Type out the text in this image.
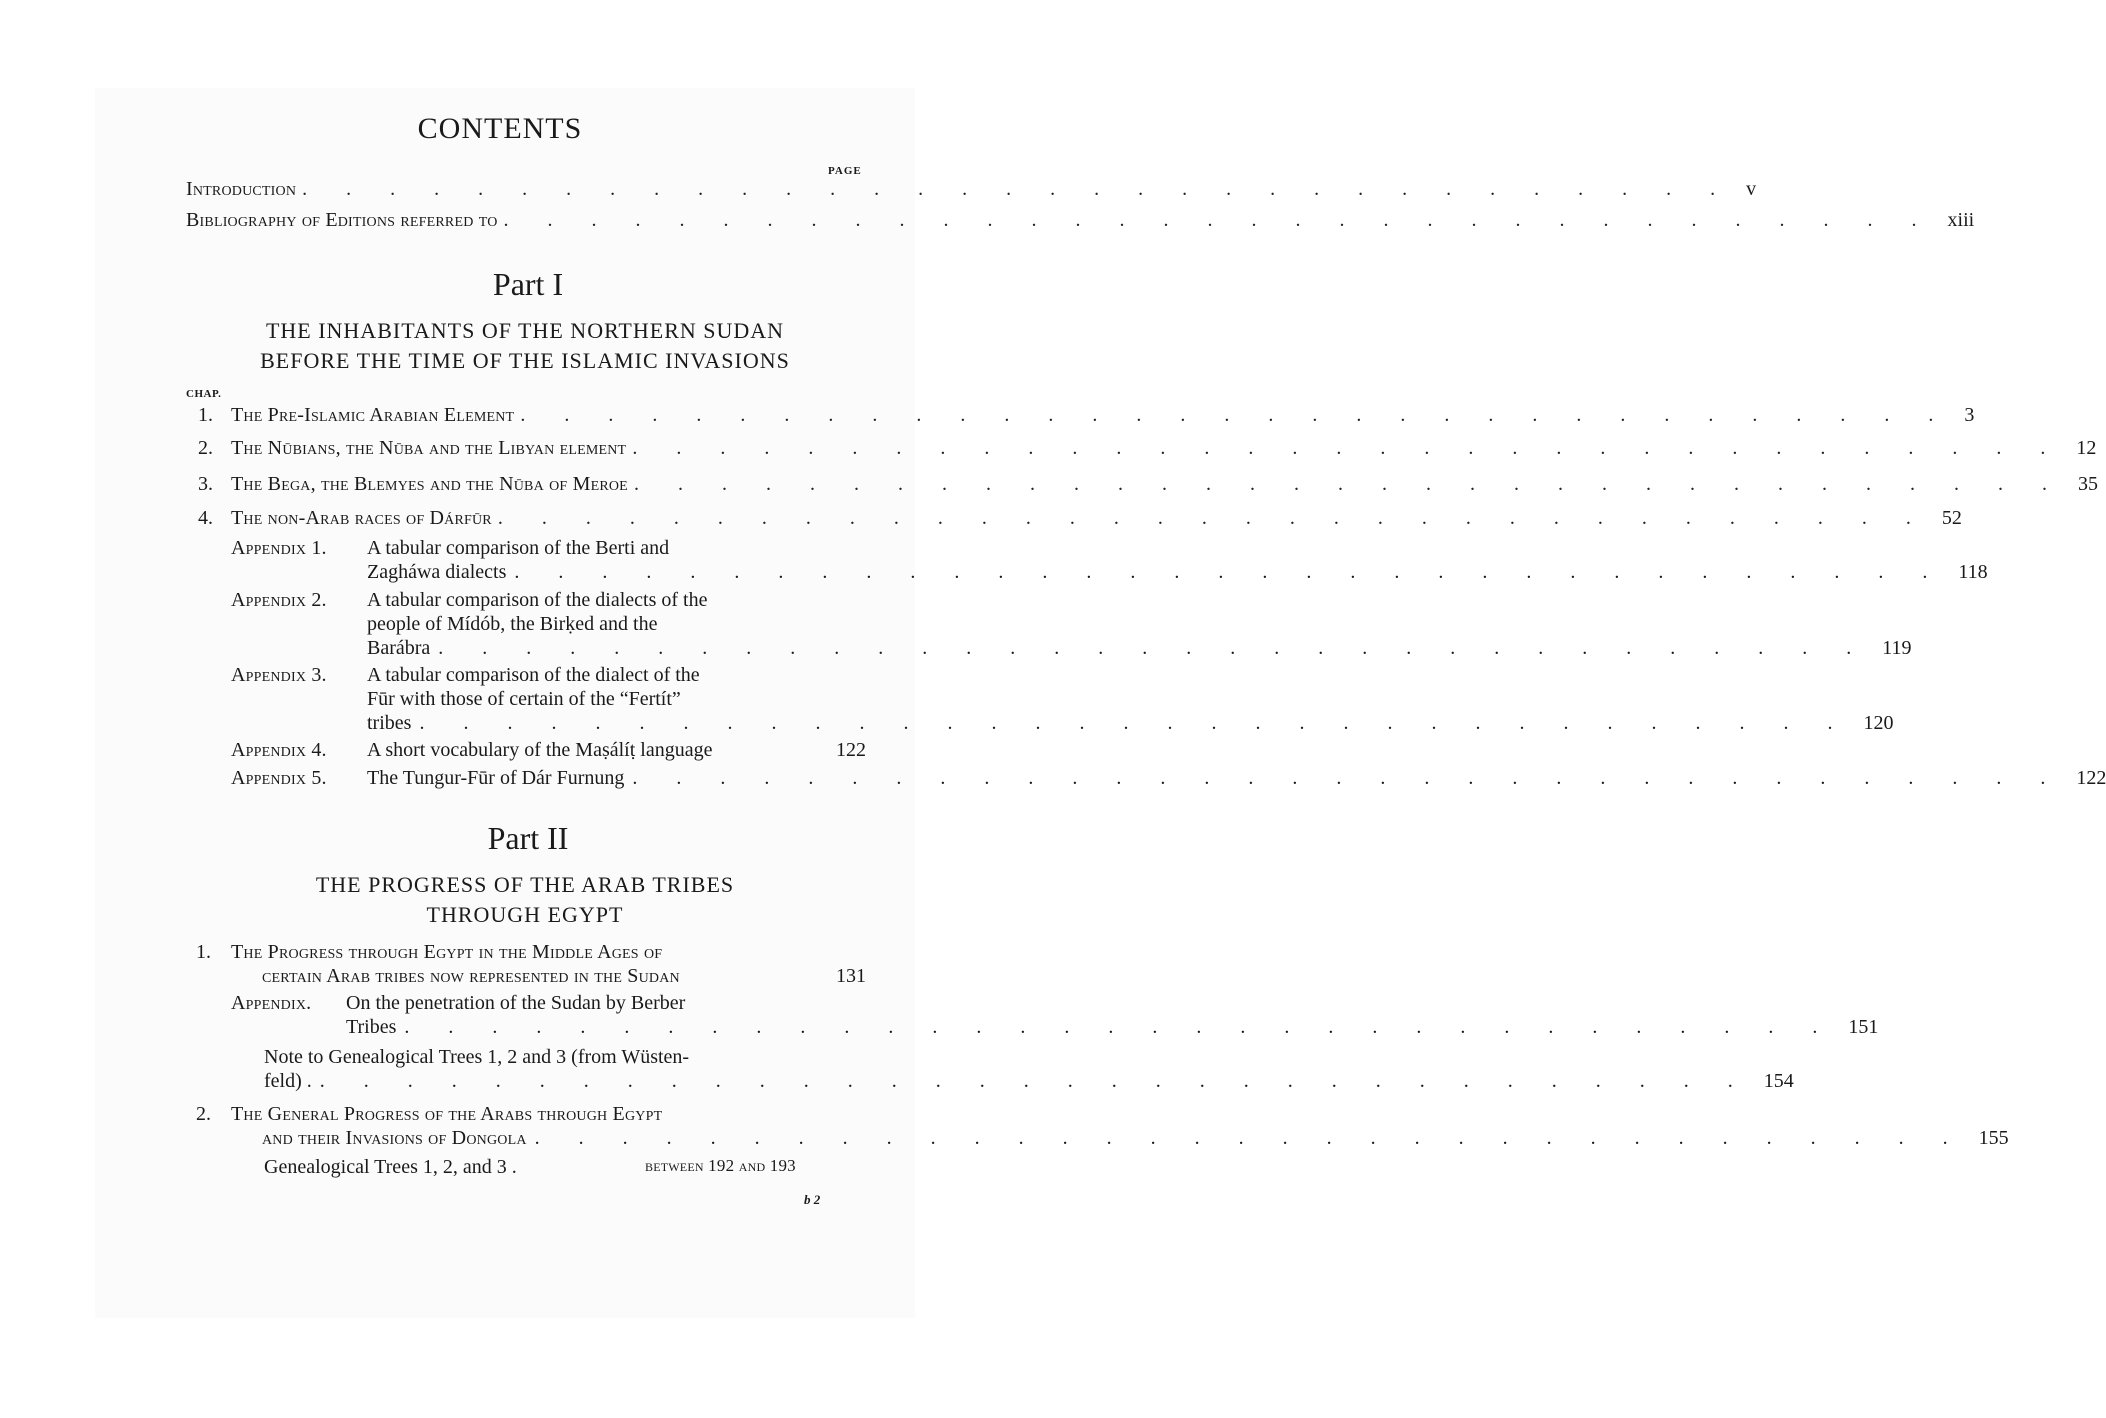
CONTENTS
PAGE
Introduction . . . . . . . . . . . . . . . . . . . . . . . . . . . . . . . . . v
Bibliography of Editions referred to . . . . . . . . . . . . . . . . . . . . . . . . . . . . . . . . . xiii
Part I
THE INHABITANTS OF THE NORTHERN SUDAN
BEFORE THE TIME OF THE ISLAMIC INVASIONS
CHAP.
1. The Pre-Islamic Arabian Element . . . . . . . . . . . . . . . . . . . . . . . . . . . . . . . . . 3
2. The Nūbians, the Nūba and the Libyan element . . . . . . . . . . . . . . . . . . . . . . . . . . . . . . . . . 12
3. The Bega, the Blemyes and the Nūba of Meroe . . . . . . . . . . . . . . . . . . . . . . . . . . . . . . . . . 35
4. The non-Arab races of Dárfūr . . . . . . . . . . . . . . . . . . . . . . . . . . . . . . . . . 52
Appendix 1. A tabular comparison of the Berti and
Zagháwa dialects . . . . . . . . . . . . . . . . . . . . . . . . . . . . . . . . . 118
Appendix 2. A tabular comparison of the dialects of the
people of Mídób, the Birḳed and the
Barábra . . . . . . . . . . . . . . . . . . . . . . . . . . . . . . . . . 119
Appendix 3. A tabular comparison of the dialect of the
Fūr with those of certain of the “Fertít”
tribes . . . . . . . . . . . . . . . . . . . . . . . . . . . . . . . . . 120
Appendix 4. A short vocabulary of the Maṣálíṭ language	122
Appendix 5. The Tungur-Fūr of Dár Furnung . . . . . . . . . . . . . . . . . . . . . . . . . . . . . . . . . 122
Part II
THE PROGRESS OF THE ARAB TRIBES
THROUGH EGYPT
1. The Progress through Egypt in the Middle Ages of
certain Arab tribes now represented in the Sudan	131
Appendix. On the penetration of the Sudan by Berber
Tribes . . . . . . . . . . . . . . . . . . . . . . . . . . . . . . . . . 151
Note to Genealogical Trees 1, 2 and 3 (from Wüsten-
feld) . . . . . . . . . . . . . . . . . . . . . . . . . . . . . . . . . . 154
2. The General Progress of the Arabs through Egypt
and their Invasions of Dongola . . . . . . . . . . . . . . . . . . . . . . . . . . . . . . . . . 155
Genealogical Trees 1, 2, and 3 .	between 192 and 193
b 2
